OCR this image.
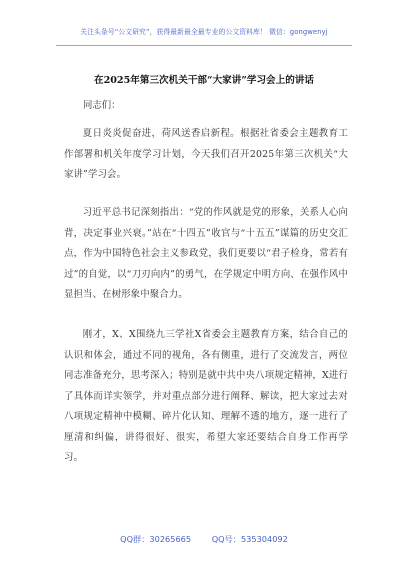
关注头条号“公文研究”，获得最新最全最专业的公文资料库！ 微信：gongwenyj
在2025年第三次机关干部“大家讲”学习会上的讲话
同志们：

夏日炎炎促奋进，荷风送香启新程。根据社省委会主题教育工作部署和机关年度学习计划，今天我们召开2025年第三次机关“大家讲”学习会。

习近平总书记深刻指出：“党的作风就是党的形象，关系人心向背，决定事业兴衰。”站在“十四五”收官与“十五五”谋篇的历史交汇点，作为中国特色社会主义参政党，我们更要以“君子检身，常若有过”的自觉，以“刀刃向内”的勇气，在学规定中明方向、在强作风中显担当、在树形象中聚合力。

刚才，X、X围绕九三学社X省委会主题教育方案，结合自己的认识和体会，通过不同的视角，各有侧重，进行了交流发言，两位同志准备充分，思考深入；特别是就中共中央八项规定精神，X进行了具体而详实领学，并对重点部分进行阐释、解读，把大家过去对八项规定精神中模糊、碎片化认知、理解不透的地方，逐一进行了厘清和纠偏，讲得很好、很实，希望大家还要结合自身工作再学习。

QQ群：30265665 QQ号：535304092
